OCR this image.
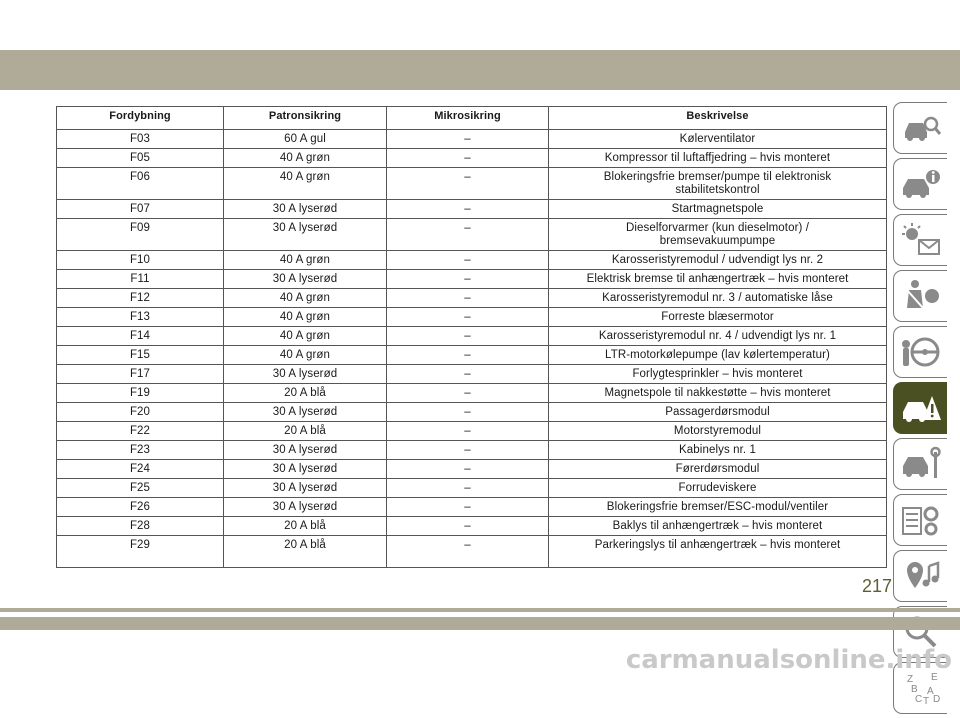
Fordybning	Patronsikring	Mikrosikring	Beskrivelse
F03	60 A gul	–	Kølerventilator
F05	40 A grøn	–	Kompressor til luftaffjedring – hvis monteret
F06	40 A grøn	–	Blokeringsfrie bremser/pumpe til elektronisk
stabilitetskontrol
F07	30 A lyserød	–	Startmagnetspole
F09	30 A lyserød	–	Dieselforvarmer (kun dieselmotor) /
bremsevakuumpumpe
F10	40 A grøn	–	Karosseristyremodul / udvendigt lys nr. 2
F11	30 A lyserød	–	Elektrisk bremse til anhængertræk – hvis monteret
F12	40 A grøn	–	Karosseristyremodul nr. 3 / automatiske låse
F13	40 A grøn	–	Forreste blæsermotor
F14	40 A grøn	–	Karosseristyremodul nr. 4 / udvendigt lys nr. 1
F15	40 A grøn	–	LTR-motorkølepumpe (lav kølertemperatur)
F17	30 A lyserød	–	Forlygtesprinkler – hvis monteret
F19	20 A blå	–	Magnetspole til nakkestøtte – hvis monteret
F20	30 A lyserød	–	Passagerdørsmodul
F22	20 A blå	–	Motorstyremodul
F23	30 A lyserød	–	Kabinelys nr. 1
F24	30 A lyserød	–	Førerdørsmodul
F25	30 A lyserød	–	Forrudeviskere
F26	30 A lyserød	–	Blokeringsfrie bremser/ESC-modul/ventiler
F28	20 A blå	–	Baklys til anhængertræk – hvis monteret
F29	20 A blå	–	Parkeringslys til anhængertræk – hvis monteret
Z E
B A
C T D
217
carmanualsonline.info
